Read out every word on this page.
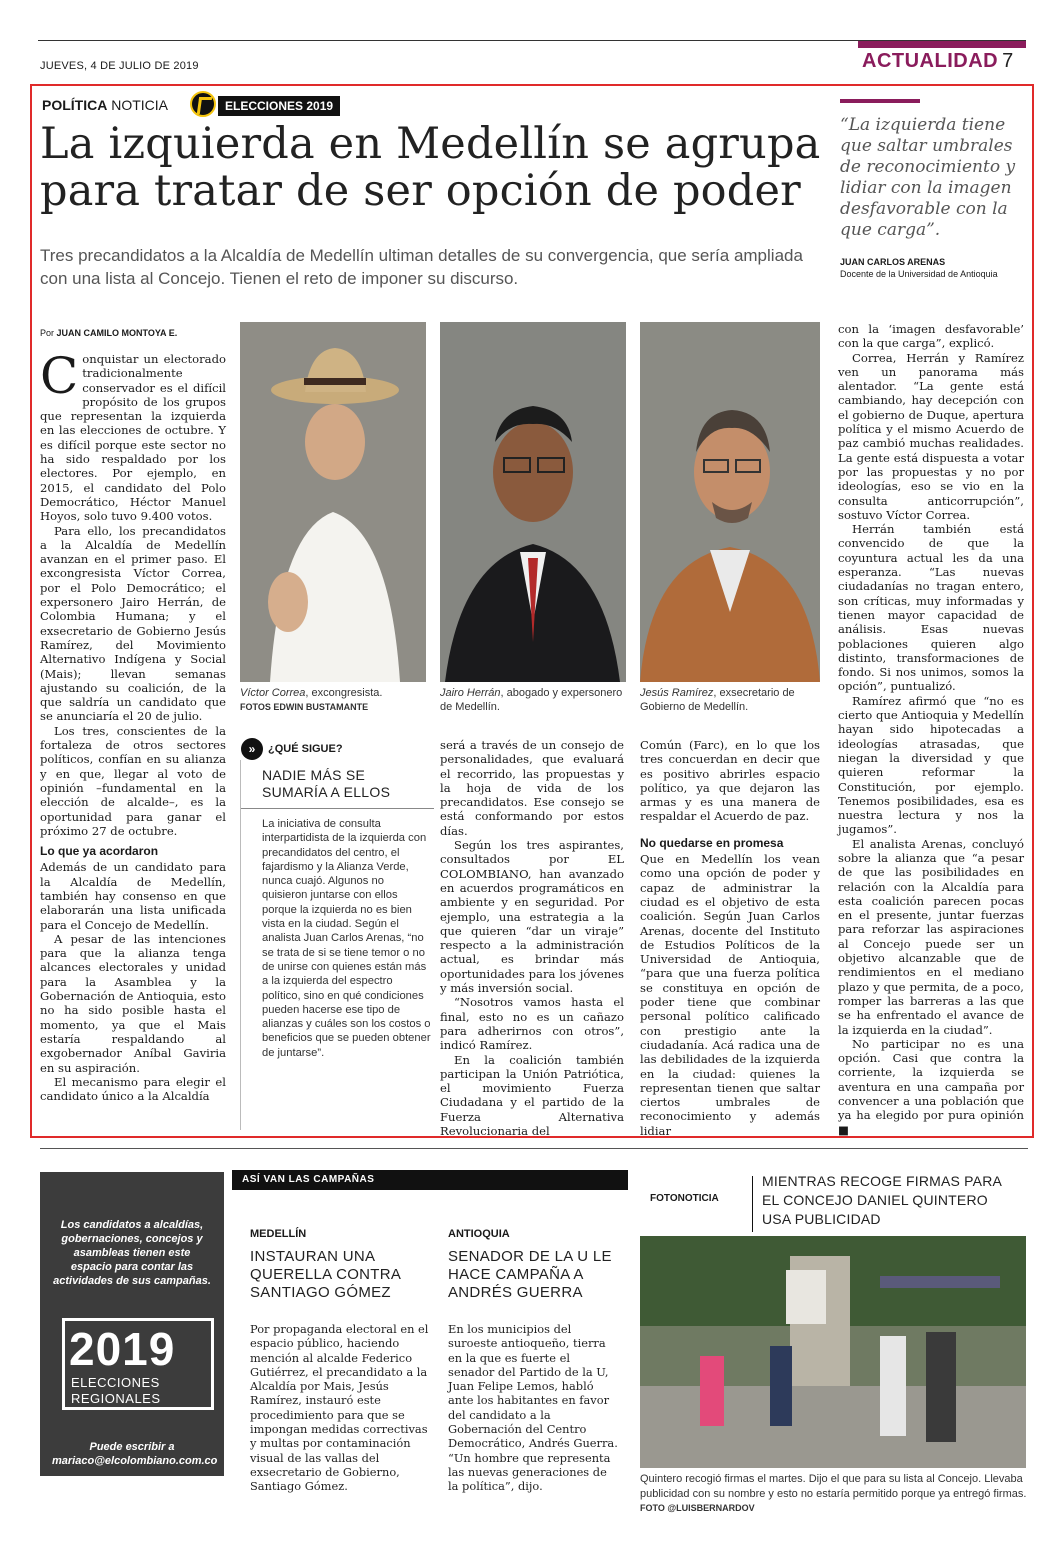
JUEVES, 4 DE JULIO DE 2019	ACTUALIDAD 7
POLÍTICA NOTICIA	ELECCIONES 2019
La izquierda en Medellín se agrupa para tratar de ser opción de poder
Tres precandidatos a la Alcaldía de Medellín ultiman detalles de su convergencia, que sería ampliada con una lista al Concejo. Tienen el reto de imponer su discurso.
“La izquierda tiene que saltar umbrales de reconocimiento y lidiar con la imagen desfavorable con la que carga”.
JUAN CARLOS ARENAS
Docente de la Universidad de Antioquia
Por JUAN CAMILO MONTOYA E.

Conquistar un electorado tradicionalmente conservador es el difícil propósito de los grupos que representan la izquierda en las elecciones de octubre. Y es difícil porque este sector no ha sido respaldado por los electores. Por ejemplo, en 2015, el candidato del Polo Democrático, Héctor Manuel Hoyos, solo tuvo 9.400 votos.

Para ello, los precandidatos a la Alcaldía de Medellín avanzan en el primer paso. El excongresista Víctor Correa, por el Polo Democrático; el expersonero Jairo Herrán, de Colombia Humana; y el exsecretario de Gobierno Jesús Ramírez, del Movimiento Alternativo Indígena y Social (Mais); llevan semanas ajustando su coalición, de la que saldría un candidato que se anunciaría el 20 de julio.

Los tres, conscientes de la fortaleza de otros sectores políticos, confían en su alianza y en que, llegar al voto de opinión –fundamental en la elección de alcalde–, es la oportunidad para ganar el próximo 27 de octubre.

Lo que ya acordaron

Además de un candidato para la Alcaldía de Medellín, también hay consenso en que elaborarán una lista unificada para el Concejo de Medellín.

A pesar de las intenciones para que la alianza tenga alcances electorales y unidad para la Asamblea y la Gobernación de Antioquia, esto no ha sido posible hasta el momento, ya que el Mais estaría respaldando al exgobernador Aníbal Gaviria en su aspiración.

El mecanismo para elegir el candidato único a la Alcaldía

Víctor Correa, excongresista.
FOTOS EDWIN BUSTAMANTE
Jairo Herrán, abogado y expersonero de Medellín.
Jesús Ramírez, exsecretario de Gobierno de Medellín.
»	¿QUÉ SIGUE?
NADIE MÁS SE SUMARÍA A ELLOS
La iniciativa de consulta interpartidista de la izquierda con precandidatos del centro, el fajardismo y la Alianza Verde, nunca cuajó. Algunos no quisieron juntarse con ellos porque la izquierda no es bien vista en la ciudad. Según el analista Juan Carlos Arenas, “no se trata de si se tiene temor o no de unirse con quienes están más a la izquierda del espectro político, sino en qué condiciones pueden hacerse ese tipo de alianzas y cuáles son los costos o beneficios que se pueden obtener de juntarse”.

será a través de un consejo de personalidades, que evaluará el recorrido, las propuestas y la hoja de vida de los precandidatos. Ese consejo se está conformando por estos días.

Según los tres aspirantes, consultados por EL COLOMBIANO, han avanzado en acuerdos programáticos en ambiente y en seguridad. Por ejemplo, una estrategia a la que quieren “dar un viraje” respecto a la administración actual, es brindar más oportunidades para los jóvenes y más inversión social.

“Nosotros vamos hasta el final, esto no es un cañazo para adherirnos con otros”, indicó Ramírez.

En la coalición también participan la Unión Patriótica, el movimiento Fuerza Ciudadana y el partido de la Fuerza Alternativa Revolucionaria del

Común (Farc), en lo que los tres concuerdan en decir que es positivo abrirles espacio político, ya que dejaron las armas y es una manera de respaldar el Acuerdo de paz.

No quedarse en promesa

Que en Medellín los vean como una opción de poder y capaz de administrar la ciudad es el objetivo de esta coalición. Según Juan Carlos Arenas, docente del Instituto de Estudios Políticos de la Universidad de Antioquia, “para que una fuerza política se constituya en opción de poder tiene que combinar personal político calificado con prestigio ante la ciudadanía. Acá radica una de las debilidades de la izquierda en la ciudad: quienes la representan tienen que saltar ciertos umbrales de reconocimiento y además lidiar

con la ‘imagen desfavorable’ con la que carga”, explicó.

Correa, Herrán y Ramírez ven un panorama más alentador. “La gente está cambiando, hay decepción con el gobierno de Duque, apertura política y el mismo Acuerdo de paz cambió muchas realidades. La gente está dispuesta a votar por las propuestas y no por ideologías, eso se vio en la consulta anticorrupción”, sostuvo Víctor Correa.

Herrán también está convencido de que la coyuntura actual les da una esperanza. “Las nuevas ciudadanías no tragan entero, son críticas, muy informadas y tienen mayor capacidad de análisis. Esas nuevas poblaciones quieren algo distinto, transformaciones de fondo. Si nos unimos, somos la opción”, puntualizó.

Ramírez afirmó que “no es cierto que Antioquia y Medellín hayan sido hipotecadas a ideologías atrasadas, que niegan la diversidad y que quieren reformar la Constitución, por ejemplo. Tenemos posibilidades, esa es nuestra lectura y nos la jugamos”.

El analista Arenas, concluyó sobre la alianza que “a pesar de que las posibilidades en relación con la Alcaldía para esta coalición parecen pocas en el presente, juntar fuerzas para reforzar las aspiraciones al Concejo puede ser un objetivo alcanzable que de rendimientos en el mediano plazo y que permita, de a poco, romper las barreras a las que se ha enfrentado el avance de la izquierda en la ciudad”.

No participar no es una opción. Casi que contra la corriente, la izquierda se aventura en una campaña por convencer a una población que ya ha elegido por pura opinión ■

Los candidatos a alcaldías, gobernaciones, concejos y asambleas tienen este espacio para contar las actividades de sus campañas.
2019
ELECCIONES
REGIONALES
Puede escribir a mariaco@elcolombiano.com.co
ASÍ VAN LAS CAMPAÑAS
MEDELLÍN
INSTAURAN UNA QUERELLA CONTRA SANTIAGO GÓMEZ
Por propaganda electoral en el espacio público, haciendo mención al alcalde Federico Gutiérrez, el precandidato a la Alcaldía por Mais, Jesús Ramírez, instauró este procedimiento para que se impongan medidas correctivas y multas por contaminación visual de las vallas del exsecretario de Gobierno, Santiago Gómez.
ANTIOQUIA
SENADOR DE LA U LE HACE CAMPAÑA A ANDRÉS GUERRA
En los municipios del suroeste antioqueño, tierra en la que es fuerte el senador del Partido de la U, Juan Felipe Lemos, habló ante los habitantes en favor del candidato a la Gobernación del Centro Democrático, Andrés Guerra. “Un hombre que representa las nuevas generaciones de la política”, dijo.
FOTONOTICIA
MIENTRAS RECOGE FIRMAS PARA EL CONCEJO DANIEL QUINTERO USA PUBLICIDAD
Quintero recogió firmas el martes. Dijo el que para su lista al Concejo. Llevaba publicidad con su nombre y esto no estaría permitido porque ya entregó firmas. FOTO @LUISBERNARDOV
